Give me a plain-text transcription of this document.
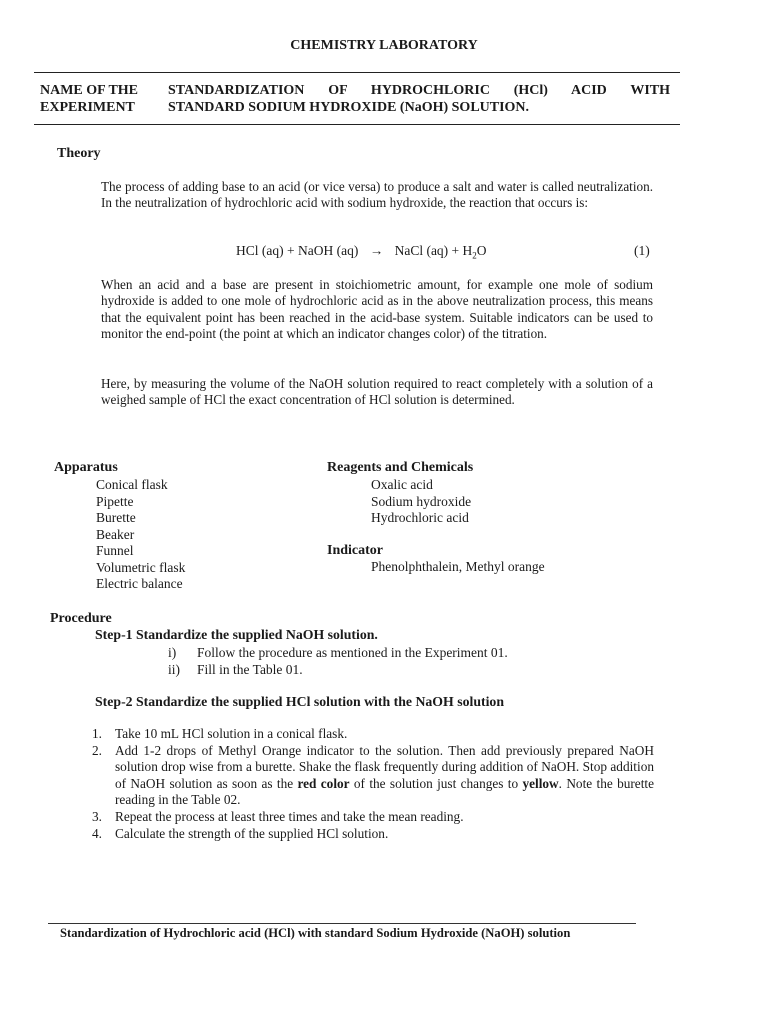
CHEMISTRY LABORATORY
NAME OF THE EXPERIMENT
STANDARDIZATION OF HYDROCHLORIC (HCl) ACID WITH
STANDARD SODIUM HYDROXIDE (NaOH) SOLUTION.
Theory
The process of adding base to an acid (or vice versa) to produce a salt and water is called neutralization. In the neutralization of hydrochloric acid with sodium hydroxide, the reaction that occurs is:
HCl (aq) + NaOH (aq) → NaCl $(aq) + H_2O$	(1)
When an acid and a base are present in stoichiometric amount, for example one mole of sodium hydroxide is added to one mole of hydrochloric acid as in the above neutralization process, this means that the equivalent point has been reached in the acid-base system. Suitable indicators can be used to monitor the end-point (the point at which an indicator changes color) of the titration.
Here, by measuring the volume of the NaOH solution required to react completely with a solution of a weighed sample of HCl the exact concentration of HCl solution is determined.
Apparatus
Conical flask
Pipette
Burette
Beaker
Funnel
Volumetric flask
Electric balance
Reagents and Chemicals
Oxalic acid
Sodium hydroxide
Hydrochloric acid
Indicator
Phenolphthalein, Methyl orange
Procedure
Step-1 Standardize the supplied NaOH solution.
i) Follow the procedure as mentioned in the Experiment 01.
ii) Fill in the Table 01.
Step-2 Standardize the supplied HCl solution with the NaOH solution
1. Take 10 mL HCl solution in a conical flask.
2. Add 1-2 drops of Methyl Orange indicator to the solution. Then add previously prepared NaOH solution drop wise from a burette. Shake the flask frequently during addition of NaOH. Stop addition of NaOH solution as soon as the red color of the solution just changes to yellow. Note the burette reading in the Table 02.
3. Repeat the process at least three times and take the mean reading.
4. Calculate the strength of the supplied HCl solution.
Standardization of Hydrochloric acid (HCl) with standard Sodium Hydroxide (NaOH) solution
